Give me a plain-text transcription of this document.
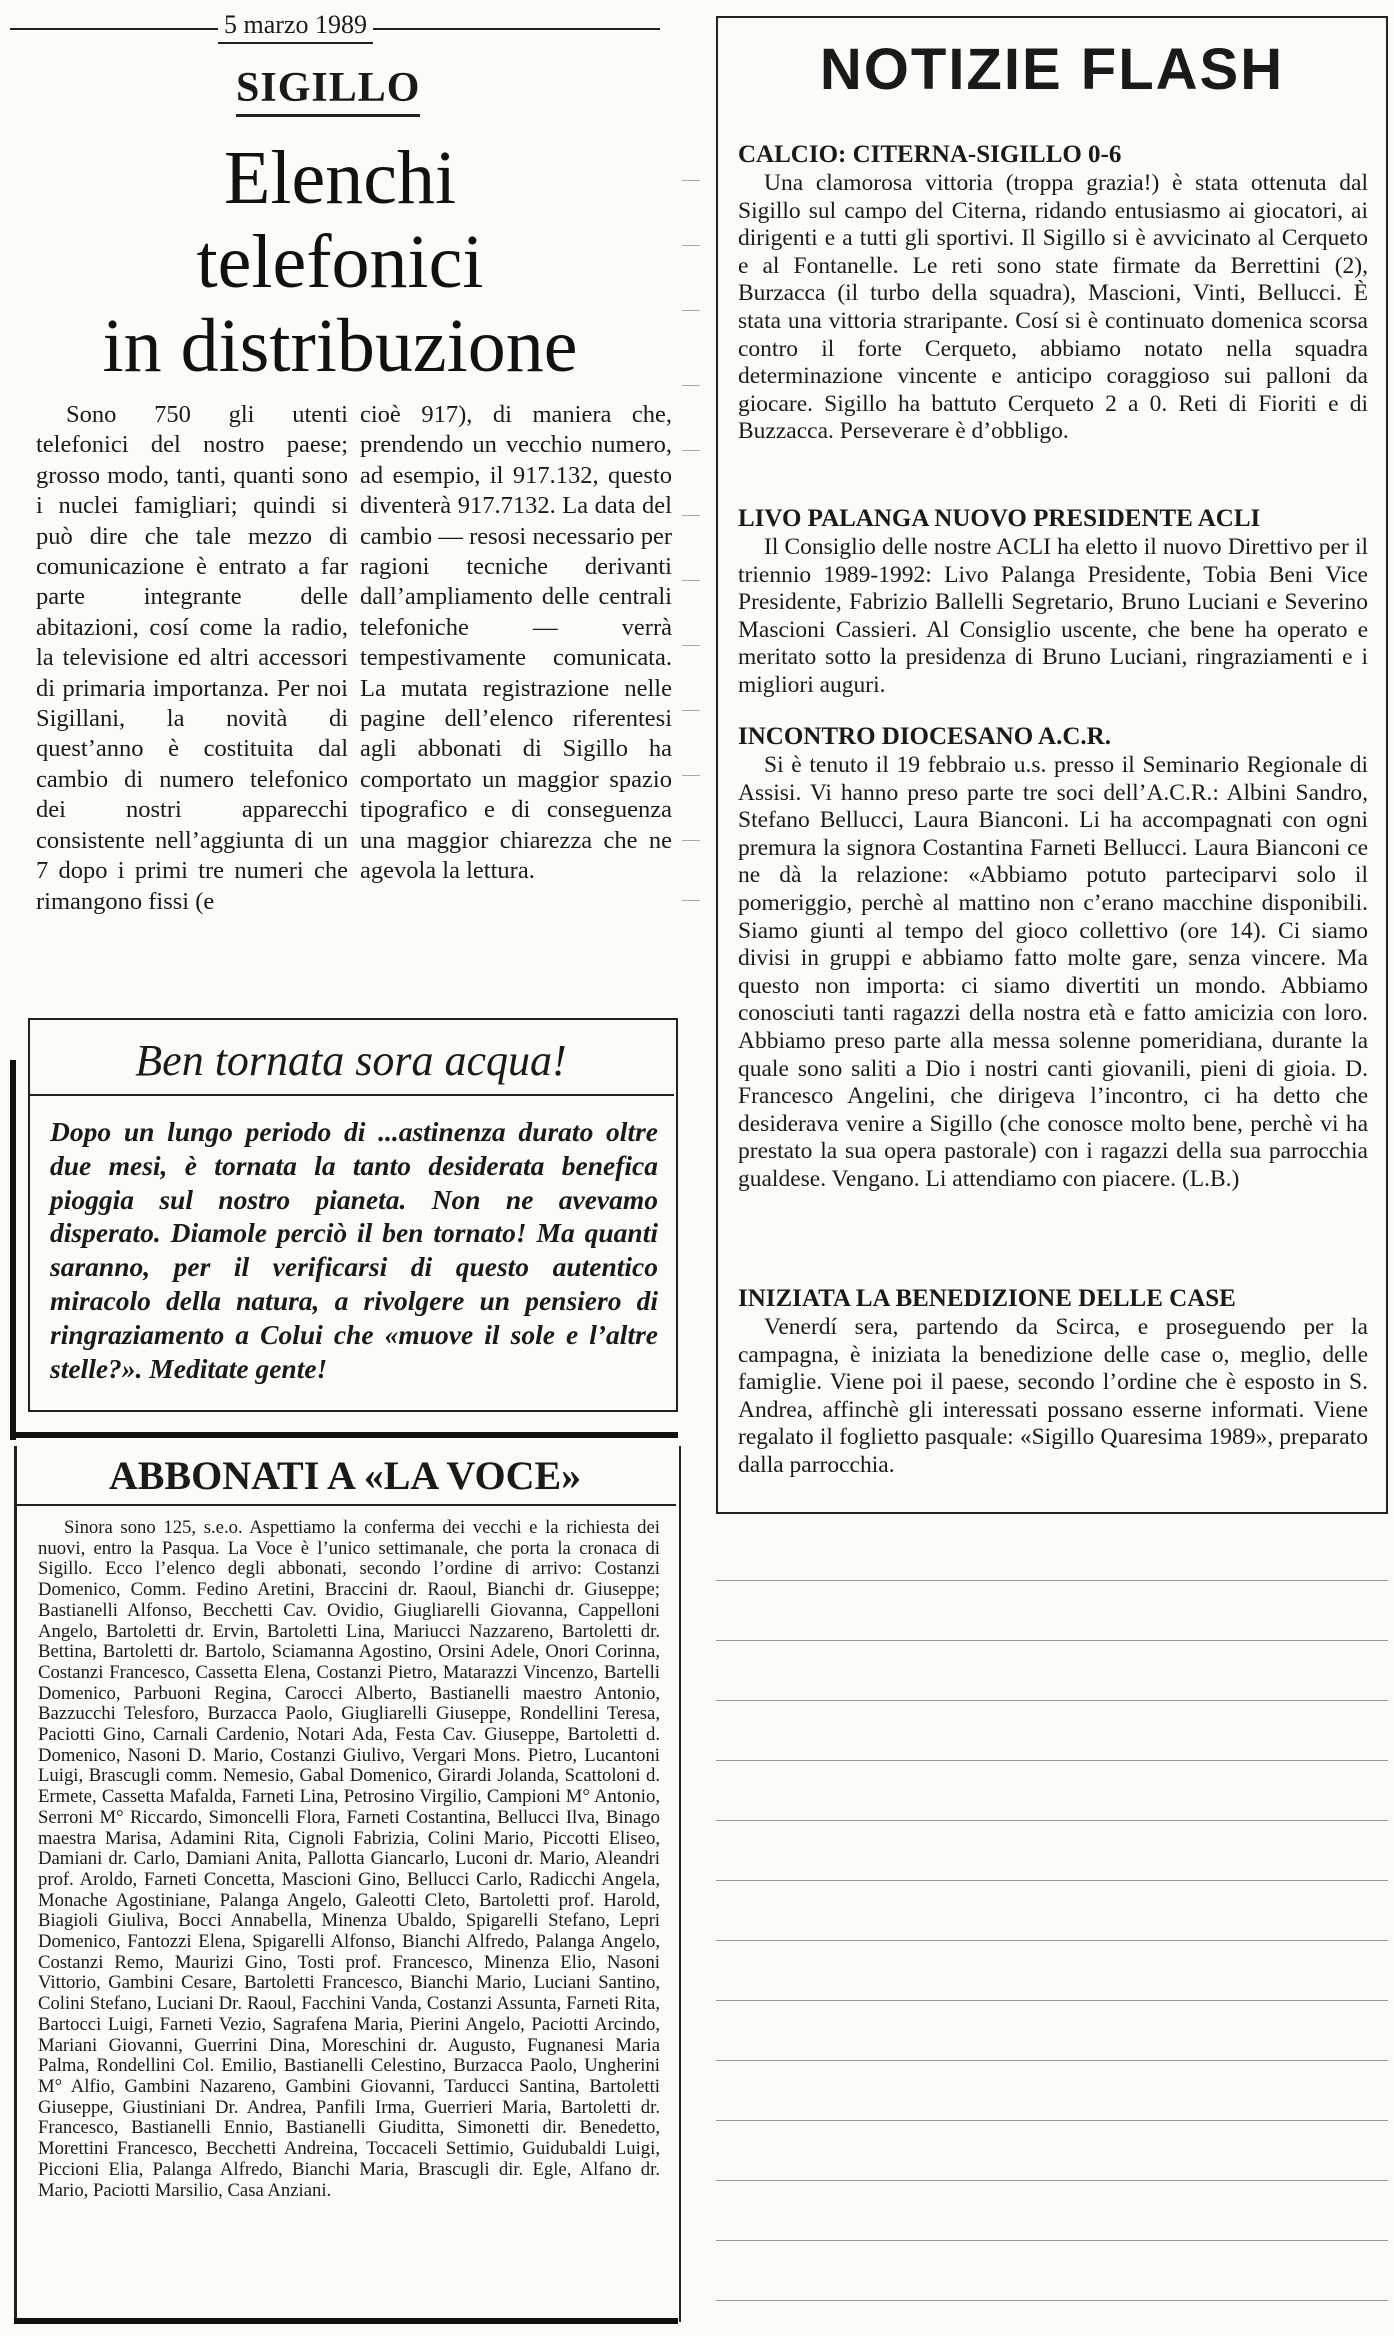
5 marzo 1989
SIGILLO
Elenchi
telefonici
in distribuzione

Sono 750 gli utenti telefonici del nostro paese; grosso modo, tanti, quanti sono i nuclei famigliari; quindi si può dire che tale mezzo di comunicazione è entrato a far parte integrante delle abitazioni, cosí come la radio, la televisione ed altri accessori di primaria importanza. Per noi Sigillani, la novità di quest’anno è costituita dal cambio di numero telefonico dei nostri apparecchi consistente nell’aggiunta di un 7 dopo i primi tre numeri che rimangono fissi (e

cioè 917), di maniera che, prendendo un vecchio numero, ad esempio, il 917.132, questo diventerà 917.7132. La data del cambio — resosi necessario per ragioni tecniche derivanti dall’ampliamento delle centrali telefoniche — verrà tempestivamente comunicata. La mutata registrazione nelle pagine dell’elenco riferentesi agli abbonati di Sigillo ha comportato un maggior spazio tipografico e di conseguenza una maggior chiarezza che ne agevola la lettura.

Ben tornata sora acqua!

Dopo un lungo periodo di ...astinenza durato oltre due mesi, è tornata la tanto desiderata benefica pioggia sul nostro pianeta. Non ne avevamo disperato. Diamole perciò il ben tornato! Ma quanti saranno, per il verificarsi di questo autentico miracolo della natura, a rivolgere un pensiero di ringraziamento a Colui che «muove il sole e l’altre stelle?». Meditate gente!

ABBONATI A «LA VOCE»

Sinora sono 125, s.e.o. Aspettiamo la conferma dei vecchi e la richiesta dei nuovi, entro la Pasqua. La Voce è l’unico settimanale, che porta la cronaca di Sigillo. Ecco l’elenco degli abbonati, secondo l’ordine di arrivo: Costanzi Domenico, Comm. Fedino Aretini, Braccini dr. Raoul, Bianchi dr. Giuseppe; Bastianelli Alfonso, Becchetti Cav. Ovidio, Giugliarelli Giovanna, Cappelloni Angelo, Bartoletti dr. Ervin, Bartoletti Lina, Mariucci Nazzareno, Bartoletti dr. Bettina, Bartoletti dr. Bartolo, Sciamanna Agostino, Orsini Adele, Onori Corinna, Costanzi Francesco, Cassetta Elena, Costanzi Pietro, Matarazzi Vincenzo, Bartelli Domenico, Parbuoni Regina, Carocci Alberto, Bastianelli maestro Antonio, Bazzucchi Telesforo, Burzacca Paolo, Giugliarelli Giuseppe, Rondellini Teresa, Paciotti Gino, Carnali Cardenio, Notari Ada, Festa Cav. Giuseppe, Bartoletti d. Domenico, Nasoni D. Mario, Costanzi Giulivo, Vergari Mons. Pietro, Lucantoni Luigi, Brascugli comm. Nemesio, Gabal Domenico, Girardi Jolanda, Scattoloni d. Ermete, Cassetta Mafalda, Farneti Lina, Petrosino Virgilio, Campioni M° Antonio, Serroni M° Riccardo, Simoncelli Flora, Farneti Costantina, Bellucci Ilva, Binago maestra Marisa, Adamini Rita, Cignoli Fabrizia, Colini Mario, Piccotti Eliseo, Damiani dr. Carlo, Damiani Anita, Pallotta Giancarlo, Luconi dr. Mario, Aleandri prof. Aroldo, Farneti Concetta, Mascioni Gino, Bellucci Carlo, Radicchi Angela, Monache Agostiniane, Palanga Angelo, Galeotti Cleto, Bartoletti prof. Harold, Biagioli Giuliva, Bocci Annabella, Minenza Ubaldo, Spigarelli Stefano, Lepri Domenico, Fantozzi Elena, Spigarelli Alfonso, Bianchi Alfredo, Palanga Angelo, Costanzi Remo, Maurizi Gino, Tosti prof. Francesco, Minenza Elio, Nasoni Vittorio, Gambini Cesare, Bartoletti Francesco, Bianchi Mario, Luciani Santino, Colini Stefano, Luciani Dr. Raoul, Facchini Vanda, Costanzi Assunta, Farneti Rita, Bartocci Luigi, Farneti Vezio, Sagrafena Maria, Pierini Angelo, Paciotti Arcindo, Mariani Giovanni, Guerrini Dina, Moreschini dr. Augusto, Fugnanesi Maria Palma, Rondellini Col. Emilio, Bastianelli Celestino, Burzacca Paolo, Ungherini M° Alfio, Gambini Nazareno, Gambini Giovanni, Tarducci Santina, Bartoletti Giuseppe, Giustiniani Dr. Andrea, Panfili Irma, Guerrieri Maria, Bartoletti dr. Francesco, Bastianelli Ennio, Bastianelli Giuditta, Simonetti dir. Benedetto, Morettini Francesco, Becchetti Andreina, Toccaceli Settimio, Guidubaldi Luigi, Piccioni Elia, Palanga Alfredo, Bianchi Maria, Brascugli dir. Egle, Alfano dr. Mario, Paciotti Marsilio, Casa Anziani.

NOTIZIE FLASH
CALCIO: CITERNA-SIGILLO 0-6

Una clamorosa vittoria (troppa grazia!) è stata ottenuta dal Sigillo sul campo del Citerna, ridando entusiasmo ai giocatori, ai dirigenti e a tutti gli sportivi. Il Sigillo si è avvicinato al Cerqueto e al Fontanelle. Le reti sono state firmate da Berrettini (2), Burzacca (il turbo della squadra), Mascioni, Vinti, Bellucci. È stata una vittoria straripante. Cosí si è continuato domenica scorsa contro il forte Cerqueto, abbiamo notato nella squadra determinazione vincente e anticipo coraggioso sui palloni da giocare. Sigillo ha battuto Cerqueto 2 a 0. Reti di Fioriti e di Buzzacca. Perseverare è d’obbligo.

LIVO PALANGA NUOVO PRESIDENTE ACLI

Il Consiglio delle nostre ACLI ha eletto il nuovo Direttivo per il triennio 1989-1992: Livo Palanga Presidente, Tobia Beni Vice Presidente, Fabrizio Ballelli Segretario, Bruno Luciani e Severino Mascioni Cassieri. Al Consiglio uscente, che bene ha operato e meritato sotto la presidenza di Bruno Luciani, ringraziamenti e i migliori auguri.

INCONTRO DIOCESANO A.C.R.

Si è tenuto il 19 febbraio u.s. presso il Seminario Regionale di Assisi. Vi hanno preso parte tre soci dell’A.C.R.: Albini Sandro, Stefano Bellucci, Laura Bianconi. Li ha accompagnati con ogni premura la signora Costantina Farneti Bellucci. Laura Bianconi ce ne dà la relazione: «Abbiamo potuto parteciparvi solo il pomeriggio, perchè al mattino non c’erano macchine disponibili. Siamo giunti al tempo del gioco collettivo (ore 14). Ci siamo divisi in gruppi e abbiamo fatto molte gare, senza vincere. Ma questo non importa: ci siamo divertiti un mondo. Abbiamo conosciuti tanti ragazzi della nostra età e fatto amicizia con loro. Abbiamo preso parte alla messa solenne pomeridiana, durante la quale sono saliti a Dio i nostri canti giovanili, pieni di gioia. D. Francesco Angelini, che dirigeva l’incontro, ci ha detto che desiderava venire a Sigillo (che conosce molto bene, perchè vi ha prestato la sua opera pastorale) con i ragazzi della sua parrocchia gualdese. Vengano. Li attendiamo con piacere. (L.B.)

INIZIATA LA BENEDIZIONE DELLE CASE

Venerdí sera, partendo da Scirca, e proseguendo per la campagna, è iniziata la benedizione delle case o, meglio, delle famiglie. Viene poi il paese, secondo l’ordine che è esposto in S. Andrea, affinchè gli interessati possano esserne informati. Viene regalato il foglietto pasquale: «Sigillo Quaresima 1989», preparato dalla parrocchia.
